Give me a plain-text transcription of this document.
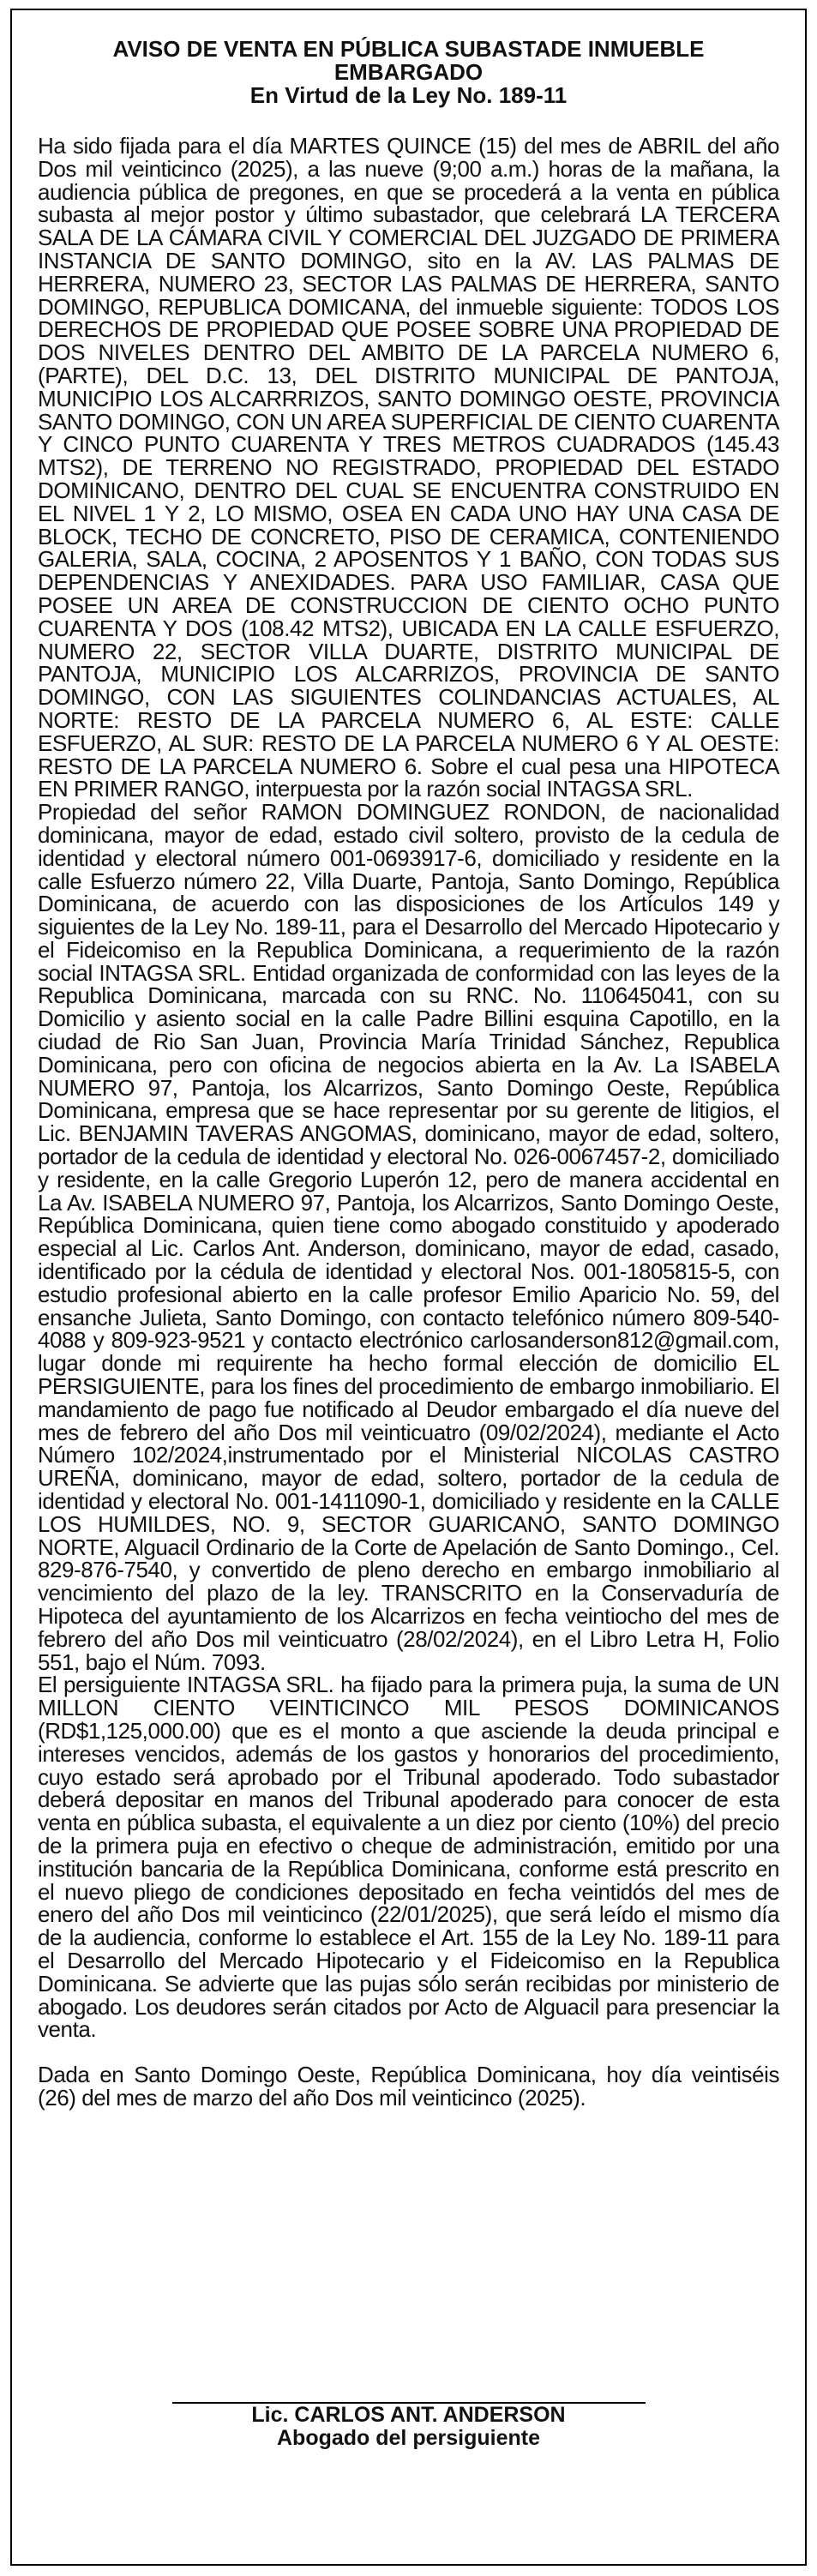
AVISO DE VENTA EN PÚBLICA SUBASTADE INMUEBLE EMBARGADO
En Virtud de la Ley No. 189-11

Ha sido fijada para el día MARTES QUINCE (15) del mes de ABRIL del año Dos mil veinticinco (2025), a las nueve (9;00 a.m.) horas de la mañana, la audiencia pública de pregones, en que se procederá a la venta en pública subasta al mejor postor y último subastador, que celebrará LA TERCERA SALA DE LA CÁMARA CIVIL Y COMERCIAL DEL JUZGADO DE PRIMERA INSTANCIA DE SANTO DOMINGO, sito en la AV. LAS PALMAS DE HERRERA, NUMERO 23, SECTOR LAS PALMAS DE HERRERA, SANTO DOMINGO, REPUBLICA DOMICANA, del inmueble siguiente: TODOS LOS DERECHOS DE PROPIEDAD QUE POSEE SOBRE UNA PROPIEDAD DE DOS NIVELES DENTRO DEL AMBITO DE LA PARCELA NUMERO 6, (PARTE), DEL D.C. 13, DEL DISTRITO MUNICIPAL DE PANTOJA, MUNICIPIO LOS ALCARRRIZOS, SANTO DOMINGO OESTE, PROVINCIA SANTO DOMINGO, CON UN AREA SUPERFICIAL DE CIENTO CUARENTA Y CINCO PUNTO CUARENTA Y TRES METROS CUADRADOS (145.43 MTS2), DE TERRENO NO REGISTRADO, PROPIEDAD DEL ESTADO DOMINICANO, DENTRO DEL CUAL SE ENCUENTRA CONSTRUIDO EN EL NIVEL 1 Y 2, LO MISMO, OSEA EN CADA UNO HAY UNA CASA DE BLOCK, TECHO DE CONCRETO, PISO DE CERAMICA, CONTENIENDO GALERIA, SALA, COCINA, 2 APOSENTOS Y 1 BAÑO, CON TODAS SUS DEPENDENCIAS Y ANEXIDADES. PARA USO FAMILIAR, CASA QUE POSEE UN AREA DE CONSTRUCCION DE CIENTO OCHO PUNTO CUARENTA Y DOS (108.42 MTS2), UBICADA EN LA CALLE ESFUERZO, NUMERO 22, SECTOR VILLA DUARTE, DISTRITO MUNICIPAL DE PANTOJA, MUNICIPIO LOS ALCARRIZOS, PROVINCIA DE SANTO DOMINGO, CON LAS SIGUIENTES COLINDANCIAS ACTUALES, AL NORTE: RESTO DE LA PARCELA NUMERO 6, AL ESTE: CALLE ESFUERZO, AL SUR: RESTO DE LA PARCELA NUMERO 6 Y AL OESTE: RESTO DE LA PARCELA NUMERO 6. Sobre el cual pesa una HIPOTECA EN PRIMER RANGO, interpuesta por la razón social INTAGSA SRL.

Propiedad del señor RAMON DOMINGUEZ RONDON, de nacionalidad dominicana, mayor de edad, estado civil soltero, provisto de la cedula de identidad y electoral número 001-0693917-6, domiciliado y residente en la calle Esfuerzo número 22, Villa Duarte, Pantoja, Santo Domingo, República Dominicana, de acuerdo con las disposiciones de los Artículos 149 y siguientes de la Ley No. 189-11, para el Desarrollo del Mercado Hipotecario y el Fideicomiso en la Republica Dominicana, a requerimiento de la razón social INTAGSA SRL. Entidad organizada de conformidad con las leyes de la Republica Dominicana, marcada con su RNC. No. 110645041, con su Domicilio y asiento social en la calle Padre Billini esquina Capotillo, en la ciudad de Rio San Juan, Provincia María Trinidad Sánchez, Republica Dominicana, pero con oficina de negocios abierta en la Av. La ISABELA NUMERO 97, Pantoja, los Alcarrizos, Santo Domingo Oeste, República Dominicana, empresa que se hace representar por su gerente de litigios, el Lic. BENJAMIN TAVERAS ANGOMAS, dominicano, mayor de edad, soltero, portador de la cedula de identidad y electoral No. 026-0067457-2, domiciliado y residente, en la calle Gregorio Luperón 12, pero de manera accidental en La Av. ISABELA NUMERO 97, Pantoja, los Alcarrizos, Santo Domingo Oeste, República Dominicana, quien tiene como abogado constituido y apoderado especial al Lic. Carlos Ant. Anderson, dominicano, mayor de edad, casado, identificado por la cédula de identidad y electoral Nos. 001-1805815-5, con estudio profesional abierto en la calle profesor Emilio Aparicio No. 59, del ensanche Julieta, Santo Domingo, con contacto telefónico número 809-540-4088 y 809-923-9521 y contacto electrónico carlosanderson812@gmail.com, lugar donde mi requirente ha hecho formal elección de domicilio EL PERSIGUIENTE, para los fines del procedimiento de embargo inmobiliario. El mandamiento de pago fue notificado al Deudor embargado el día nueve del mes de febrero del año Dos mil veinticuatro (09/02/2024), mediante el Acto Número 102/2024,instrumentado por el Ministerial NICOLAS CASTRO UREÑA, dominicano, mayor de edad, soltero, portador de la cedula de identidad y electoral No. 001-1411090-1, domiciliado y residente en la CALLE LOS HUMILDES, NO. 9, SECTOR GUARICANO, SANTO DOMINGO NORTE, Alguacil Ordinario de la Corte de Apelación de Santo Domingo., Cel. 829-876-7540, y convertido de pleno derecho en embargo inmobiliario al vencimiento del plazo de la ley. TRANSCRITO en la Conservaduría de Hipoteca del ayuntamiento de los Alcarrizos en fecha veintiocho del mes de febrero del año Dos mil veinticuatro (28/02/2024), en el Libro Letra H, Folio 551, bajo el Núm. 7093.

El persiguiente INTAGSA SRL. ha fijado para la primera puja, la suma de UN MILLON CIENTO VEINTICINCO MIL PESOS DOMINICANOS (RD$1,125,000.00) que es el monto a que asciende la deuda principal e intereses vencidos, además de los gastos y honorarios del procedimiento, cuyo estado será aprobado por el Tribunal apoderado. Todo subastador deberá depositar en manos del Tribunal apoderado para conocer de esta venta en pública subasta, el equivalente a un diez por ciento (10%) del precio de la primera puja en efectivo o cheque de administración, emitido por una institución bancaria de la República Dominicana, conforme está prescrito en el nuevo pliego de condiciones depositado en fecha veintidós del mes de enero del año Dos mil veinticinco (22/01/2025), que será leído el mismo día de la audiencia, conforme lo establece el Art. 155 de la Ley No. 189-11 para el Desarrollo del Mercado Hipotecario y el Fideicomiso en la Republica Dominicana. Se advierte que las pujas sólo serán recibidas por ministerio de abogado. Los deudores serán citados por Acto de Alguacil para presenciar la venta.

Dada en Santo Domingo Oeste, República Dominicana, hoy día veintiséis (26) del mes de marzo del año Dos mil veinticinco (2025).

Lic. CARLOS ANT. ANDERSON
Abogado del persiguiente
